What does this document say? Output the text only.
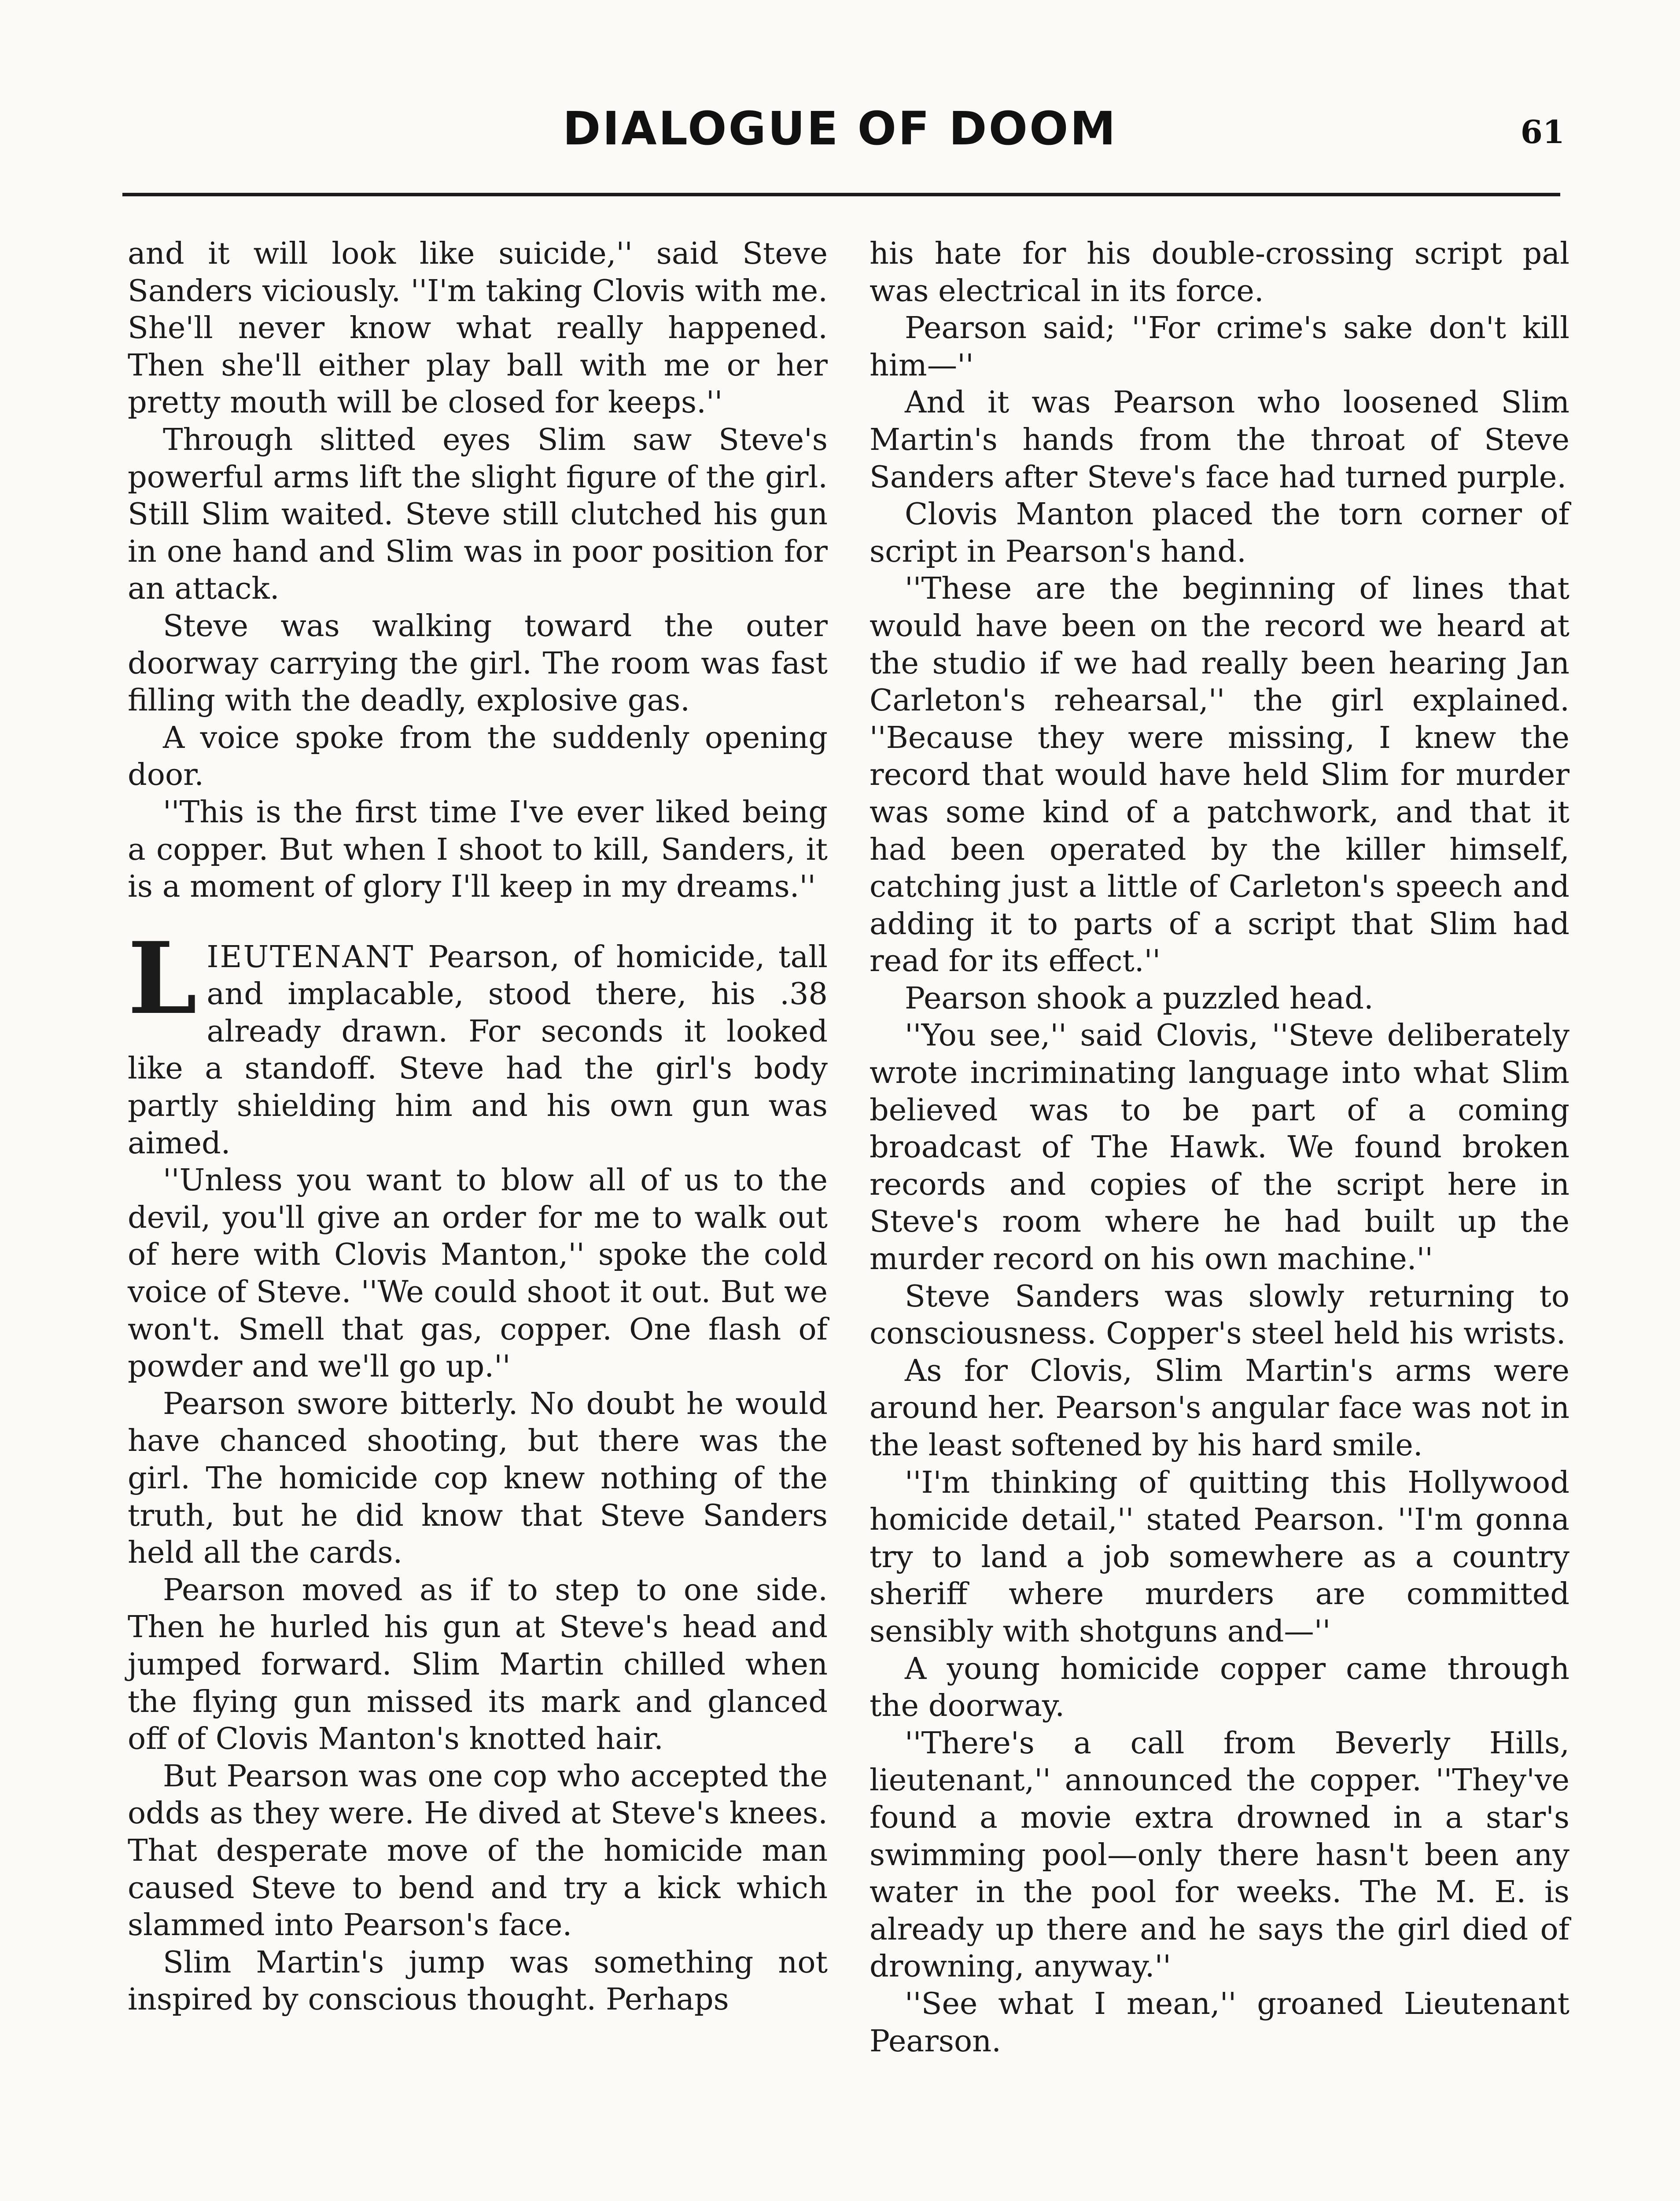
DIALOGUE OF DOOM	61

and it will look like suicide,'' said Steve Sanders viciously. ''I'm taking Clovis with me. She'll never know what really happened. Then she'll either play ball with me or her pretty mouth will be closed for keeps.''

Through slitted eyes Slim saw Steve's powerful arms lift the slight figure of the girl. Still Slim waited. Steve still clutched his gun in one hand and Slim was in poor position for an attack.

Steve was walking toward the outer doorway carrying the girl. The room was fast filling with the deadly, explosive gas.

A voice spoke from the suddenly opening door.

''This is the first time I've ever liked being a copper. But when I shoot to kill, Sanders, it is a moment of glory I'll keep in my dreams.''

LIEUTENANT Pearson, of homicide, tall and implacable, stood there, his .38 already drawn. For seconds it looked like a standoff. Steve had the girl's body partly shielding him and his own gun was aimed.

''Unless you want to blow all of us to the devil, you'll give an order for me to walk out of here with Clovis Manton,'' spoke the cold voice of Steve. ''We could shoot it out. But we won't. Smell that gas, copper. One flash of powder and we'll go up.''

Pearson swore bitterly. No doubt he would have chanced shooting, but there was the girl. The homicide cop knew nothing of the truth, but he did know that Steve Sanders held all the cards.

Pearson moved as if to step to one side. Then he hurled his gun at Steve's head and jumped forward. Slim Martin chilled when the flying gun missed its mark and glanced off of Clovis Manton's knotted hair.

But Pearson was one cop who accepted the odds as they were. He dived at Steve's knees. That desperate move of the homicide man caused Steve to bend and try a kick which slammed into Pearson's face.

Slim Martin's jump was something not inspired by conscious thought. Perhaps

his hate for his double-crossing script pal was electrical in its force.

Pearson said; ''For crime's sake don't kill him—''

And it was Pearson who loosened Slim Martin's hands from the throat of Steve Sanders after Steve's face had turned purple.

Clovis Manton placed the torn corner of script in Pearson's hand.

''These are the beginning of lines that would have been on the record we heard at the studio if we had really been hearing Jan Carleton's rehearsal,'' the girl explained. ''Because they were missing, I knew the record that would have held Slim for murder was some kind of a patchwork, and that it had been operated by the killer himself, catching just a little of Carleton's speech and adding it to parts of a script that Slim had read for its effect.''

Pearson shook a puzzled head.

''You see,'' said Clovis, ''Steve deliberately wrote incriminating language into what Slim believed was to be part of a coming broadcast of The Hawk. We found broken records and copies of the script here in Steve's room where he had built up the murder record on his own machine.''

Steve Sanders was slowly returning to consciousness. Copper's steel held his wrists.

As for Clovis, Slim Martin's arms were around her. Pearson's angular face was not in the least softened by his hard smile.

''I'm thinking of quitting this Hollywood homicide detail,'' stated Pearson. ''I'm gonna try to land a job somewhere as a country sheriff where murders are committed sensibly with shotguns and—''

A young homicide copper came through the doorway.

''There's a call from Beverly Hills, lieutenant,'' announced the copper. ''They've found a movie extra drowned in a star's swimming pool—only there hasn't been any water in the pool for weeks. The M. E. is already up there and he says the girl died of drowning, anyway.''

''See what I mean,'' groaned Lieutenant Pearson.
